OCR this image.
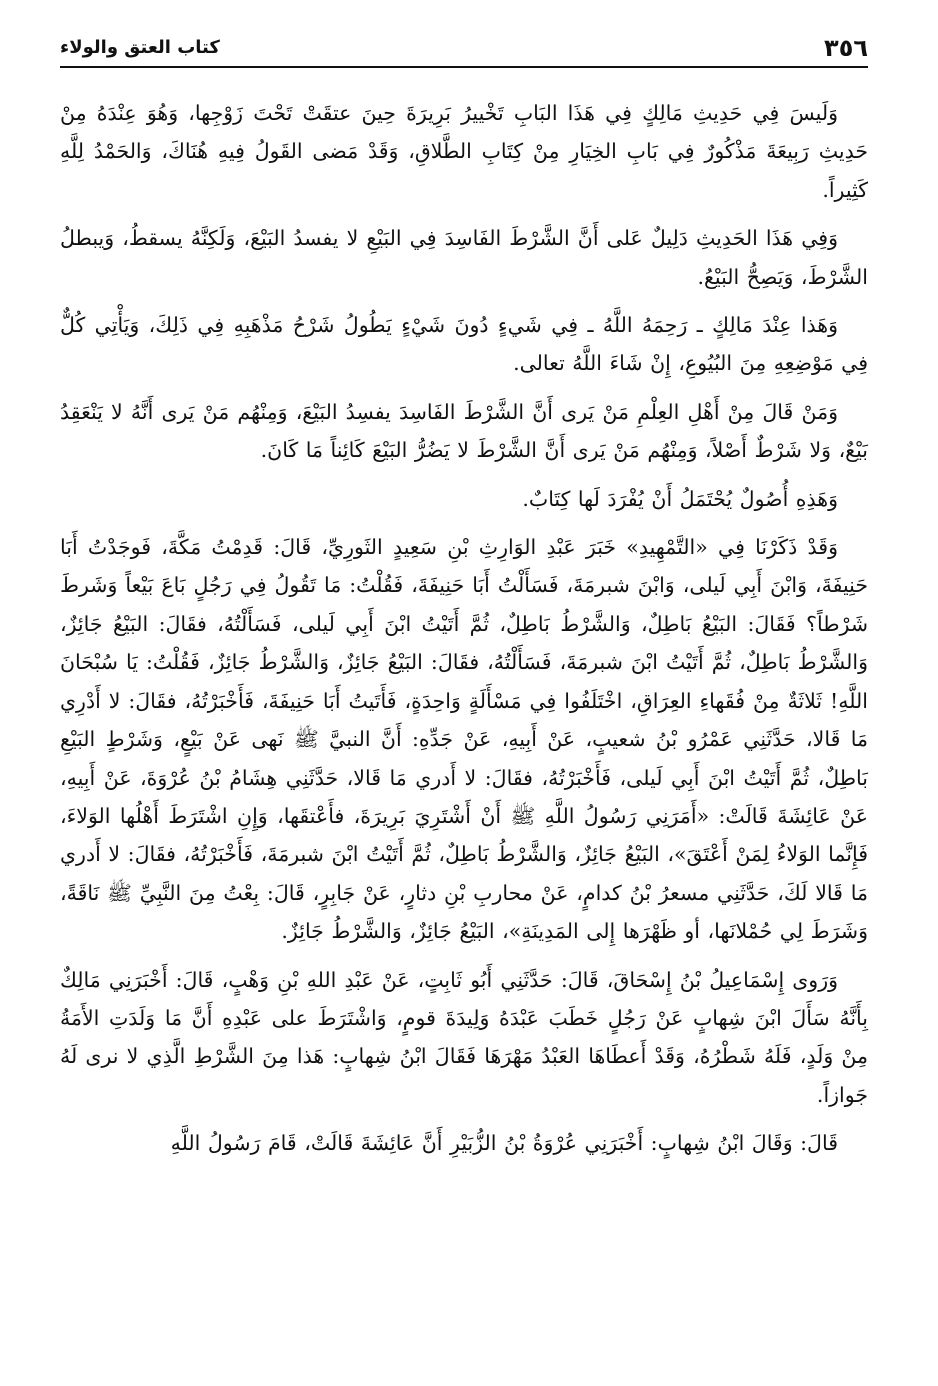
٣٥٦
كتاب العتق والولاء

وَلَيسَ فِي حَدِيثِ مَالِكٍ فِي هَذَا البَابِ تَخْييرُ بَرِيرَةَ حِينَ عتقَتْ تَحْتَ زَوْجِها، وَهُوَ عِنْدَهُ مِنْ حَدِيثِ رَبِيعَةَ مَذْكُورٌ فِي بَابِ الخِيَارِ مِنْ كِتَابِ الطَّلاقِ، وَقَدْ مَضى القَولُ فِيهِ هُنَاكَ، وَالحَمْدُ لِلَّهِ كَثِيراً.

وَفِي هَذَا الحَدِيثِ دَلِيلٌ عَلى أَنَّ الشَّرْطَ الفَاسِدَ فِي البَيْعِ لا يفسدُ البَيْعَ، وَلَكِنَّهُ يسقطُ، وَيبطلُ الشَّرْطَ، وَيَصِحُّ البَيْعُ.

وَهَذا عِنْدَ مَالِكٍ ـ رَحِمَهُ اللَّهُ ـ فِي شَيءٍ دُونَ شَيْءٍ يَطُولُ شَرْحُ مَذْهَبِهِ فِي ذَلِكَ، وَيَأْتِي كُلٌّ فِي مَوْضِعِهِ مِنَ البُيُوعِ، إِنْ شَاءَ اللَّهُ تعالى.

وَمَنْ قَالَ مِنْ أَهْلِ العِلْمِ مَنْ يَرى أَنَّ الشَّرْطَ الفَاسِدَ يفسِدُ البَيْعَ، وَمِنْهُم مَنْ يَرى أَنَّهُ لا يَنْعَقِدُ بَيْعٌ، وَلا شَرْطٌ أَصْلاً، وَمِنْهُم مَنْ يَرى أَنَّ الشَّرْطَ لا يَضُرُّ البَيْعَ كَائِناً مَا كَانَ.

وَهَذِهِ أُصُولٌ يُحْتَمَلُ أَنْ يُفْرَدَ لَها كِتَابٌ.

وَقَدْ ذَكَرْنَا فِي «التَّمْهِيدِ» خَبَرَ عَبْدِ الوَارِثِ بْنِ سَعِيدٍ الثَورِيِّ، قَالَ: قَدِمْتُ مَكَّةَ، فَوجَدْتُ أَبَا حَنِيفَةَ، وَابْنَ أَبِي لَيلى، وَابْنَ شبرمَةَ، فَسَأَلْتُ أَبَا حَنِيفَةَ، فَقُلْتُ: مَا تَقُولُ فِي رَجُلٍ بَاعَ بَيْعاً وَشَرطَ شَرْطاً؟ فَقَالَ: البَيْعُ بَاطِلٌ، وَالشَّرْطُ بَاطِلٌ، ثُمَّ أَتَيْتُ ابْنَ أَبِي لَيلى، فَسَأَلْتُهُ، فقَالَ: البَيْعُ جَائِزٌ، وَالشَّرْطُ بَاطِلٌ، ثُمَّ أَتَيْتُ ابْنَ شبرمَةَ، فَسَأَلْتُهُ، فقَالَ: البَيْعُ جَائِزٌ، وَالشَّرْطُ جَائِزٌ، فَقُلْتُ: يَا سُبْحَانَ اللَّهِ! ثَلاثَةٌ مِنْ فُقَهاءِ العِرَاقِ، اخْتَلَفُوا فِي مَسْأَلَةٍ وَاحِدَةٍ، فَأَتَيتُ أَبَا حَنِيفَةَ، فَأَخْبَرْتُهُ، فقَالَ: لا أَدْرِي مَا قَالا، حَدَّثَنِي عَمْرُو بْنُ شعيبٍ، عَنْ أَبِيهِ، عَنْ جَدِّهِ: أَنَّ النبيَّ ﷺ نَهى عَنْ بَيْعٍ، وَشَرْطٍ البَيْعِ بَاطِلٌ، ثُمَّ أَتَيْتُ ابْنَ أَبِي لَيلى، فَأَخْبَرْتُهُ، فقَالَ: لا أَدري مَا قَالا، حَدَّثَنِي هِشَامُ بْنُ عُرْوَةَ، عَنْ أَبِيهِ، عَنْ عَائِشَةَ قَالَتْ: «أَمَرَنِي رَسُولُ اللَّهِ ﷺ أَنْ أَشْتَرِيَ بَرِيرَةَ، فأَعْتقَها، وَإِنِ اشْتَرَطَ أَهْلُها الوَلاءَ، فَإِنَّما الوَلاءُ لِمَنْ أَعْتَقَ»، البَيْعُ جَائِزٌ، وَالشَّرْطُ بَاطِلٌ، ثُمَّ أَتَيْتُ ابْنَ شبرمَةَ، فَأَخْبَرْتُهُ، فقَالَ: لا أَدري مَا قَالا لَكَ، حَدَّثَنِي مسعرُ بْنُ كدامٍ، عَنْ محاربِ بْنِ دثارٍ، عَنْ جَابِرٍ، قَالَ: بِعْتُ مِنَ النَّبِيِّ ﷺ نَاقَةً، وَشَرَطَ لِي حُمْلانَها، أو ظَهْرَها إِلى المَدِينَةِ»، البَيْعُ جَائِزٌ، وَالشَّرْطُ جَائِزٌ.

وَرَوى إِسْمَاعِيلُ بْنُ إِسْحَاقَ، قَالَ: حَدَّثَنِي أَبُو ثَابِتٍ، عَنْ عَبْدِ اللهِ بْنِ وَهْبٍ، قَالَ: أَخْبَرَنِي مَالِكٌ بِأَنَّهُ سَأَلَ ابْنَ شِهابٍ عَنْ رَجُلٍ خَطَبَ عَبْدَهُ وَلِيدَةَ قومٍ، وَاشْتَرَطَ على عَبْدِهِ أَنَّ مَا وَلَدَتِ الأَمَةُ مِنْ وَلَدٍ، فَلَهُ شَطْرُهُ، وَقَدْ أَعطَاهَا العَبْدُ مَهْرَهَا فَقَالَ ابْنُ شِهابٍ: هَذا مِنَ الشَّرْطِ الَّذِي لا نرى لَهُ جَوازاً.

قَالَ: وَقَالَ ابْنُ شِهابٍ: أَخْبَرَنِي عُرْوَةُ بْنُ الزُّبَيْرِ أَنَّ عَائِشَةَ قَالَتْ، قَامَ رَسُولُ اللَّهِ
